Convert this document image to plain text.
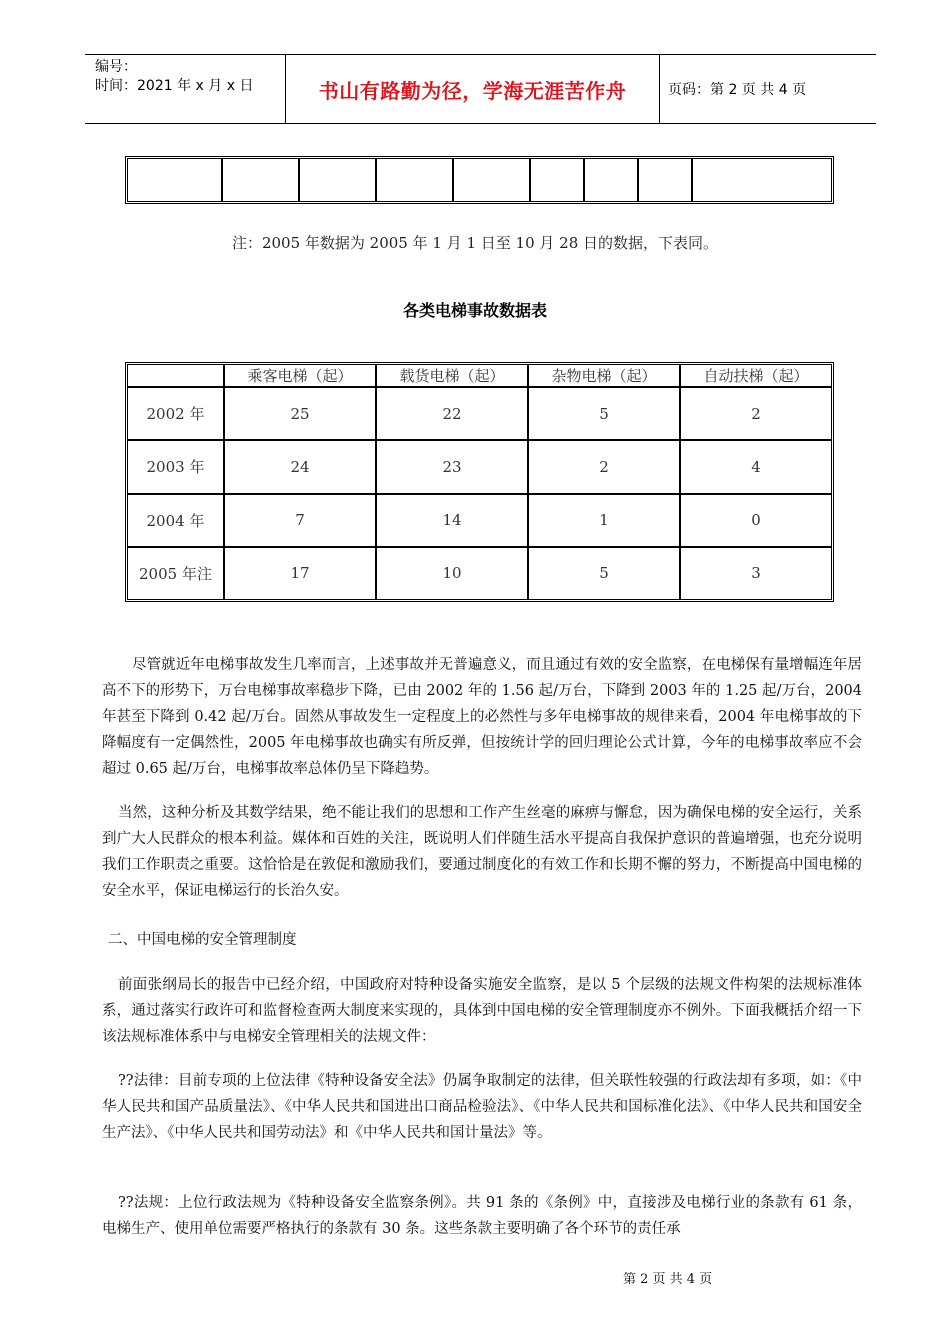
编号：
时间：2021 年 x 月 x 日	书山有路勤为径，学海无涯苦作舟	页码：第 2 页 共 4 页

注：2005 年数据为 2005 年 1 月 1 日至 10 月 28 日的数据，下表同。
各类电梯事故数据表
	乘客电梯（起）	载货电梯（起）	杂物电梯（起）	自动扶梯（起）
2002 年	25	22	5	2
2003 年	24	23	2	4
2004 年	7	14	1	0
2005 年注	17	10	5	3
尽管就近年电梯事故发生几率而言，上述事故并无普遍意义，而且通过有效的安全监察，在电梯保有量增幅连年居高不下的形势下，万台电梯事故率稳步下降，已由 2002 年的 1.56 起/万台，下降到 2003 年的 1.25 起/万台，2004 年甚至下降到 0.42 起/万台。固然从事故发生一定程度上的必然性与多年电梯事故的规律来看，2004 年电梯事故的下降幅度有一定偶然性，2005 年电梯事故也确实有所反弹，但按统计学的回归理论公式计算，今年的电梯事故率应不会超过 0.65 起/万台，电梯事故率总体仍呈下降趋势。
当然，这种分析及其数学结果，绝不能让我们的思想和工作产生丝毫的麻痹与懈怠，因为确保电梯的安全运行，关系到广大人民群众的根本利益。媒体和百姓的关注，既说明人们伴随生活水平提高自我保护意识的普遍增强，也充分说明我们工作职责之重要。这恰恰是在敦促和激励我们，要通过制度化的有效工作和长期不懈的努力，不断提高中国电梯的安全水平，保证电梯运行的长治久安。
二、中国电梯的安全管理制度
前面张纲局长的报告中已经介绍，中国政府对特种设备实施安全监察，是以 5 个层级的法规文件构架的法规标准体系，通过落实行政许可和监督检查两大制度来实现的，具体到中国电梯的安全管理制度亦不例外。下面我概括介绍一下该法规标准体系中与电梯安全管理相关的法规文件：
??法律：目前专项的上位法律《特种设备安全法》仍属争取制定的法律，但关联性较强的行政法却有多项，如：《中华人民共和国产品质量法》、《中华人民共和国进出口商品检验法》、《中华人民共和国标准化法》、《中华人民共和国安全生产法》、《中华人民共和国劳动法》和《中华人民共和国计量法》等。
??法规：上位行政法规为《特种设备安全监察条例》。共 91 条的《条例》中，直接涉及电梯行业的条款有 61 条，电梯生产、使用单位需要严格执行的条款有 30 条。这些条款主要明确了各个环节的责任承
第 2 页 共 4 页
